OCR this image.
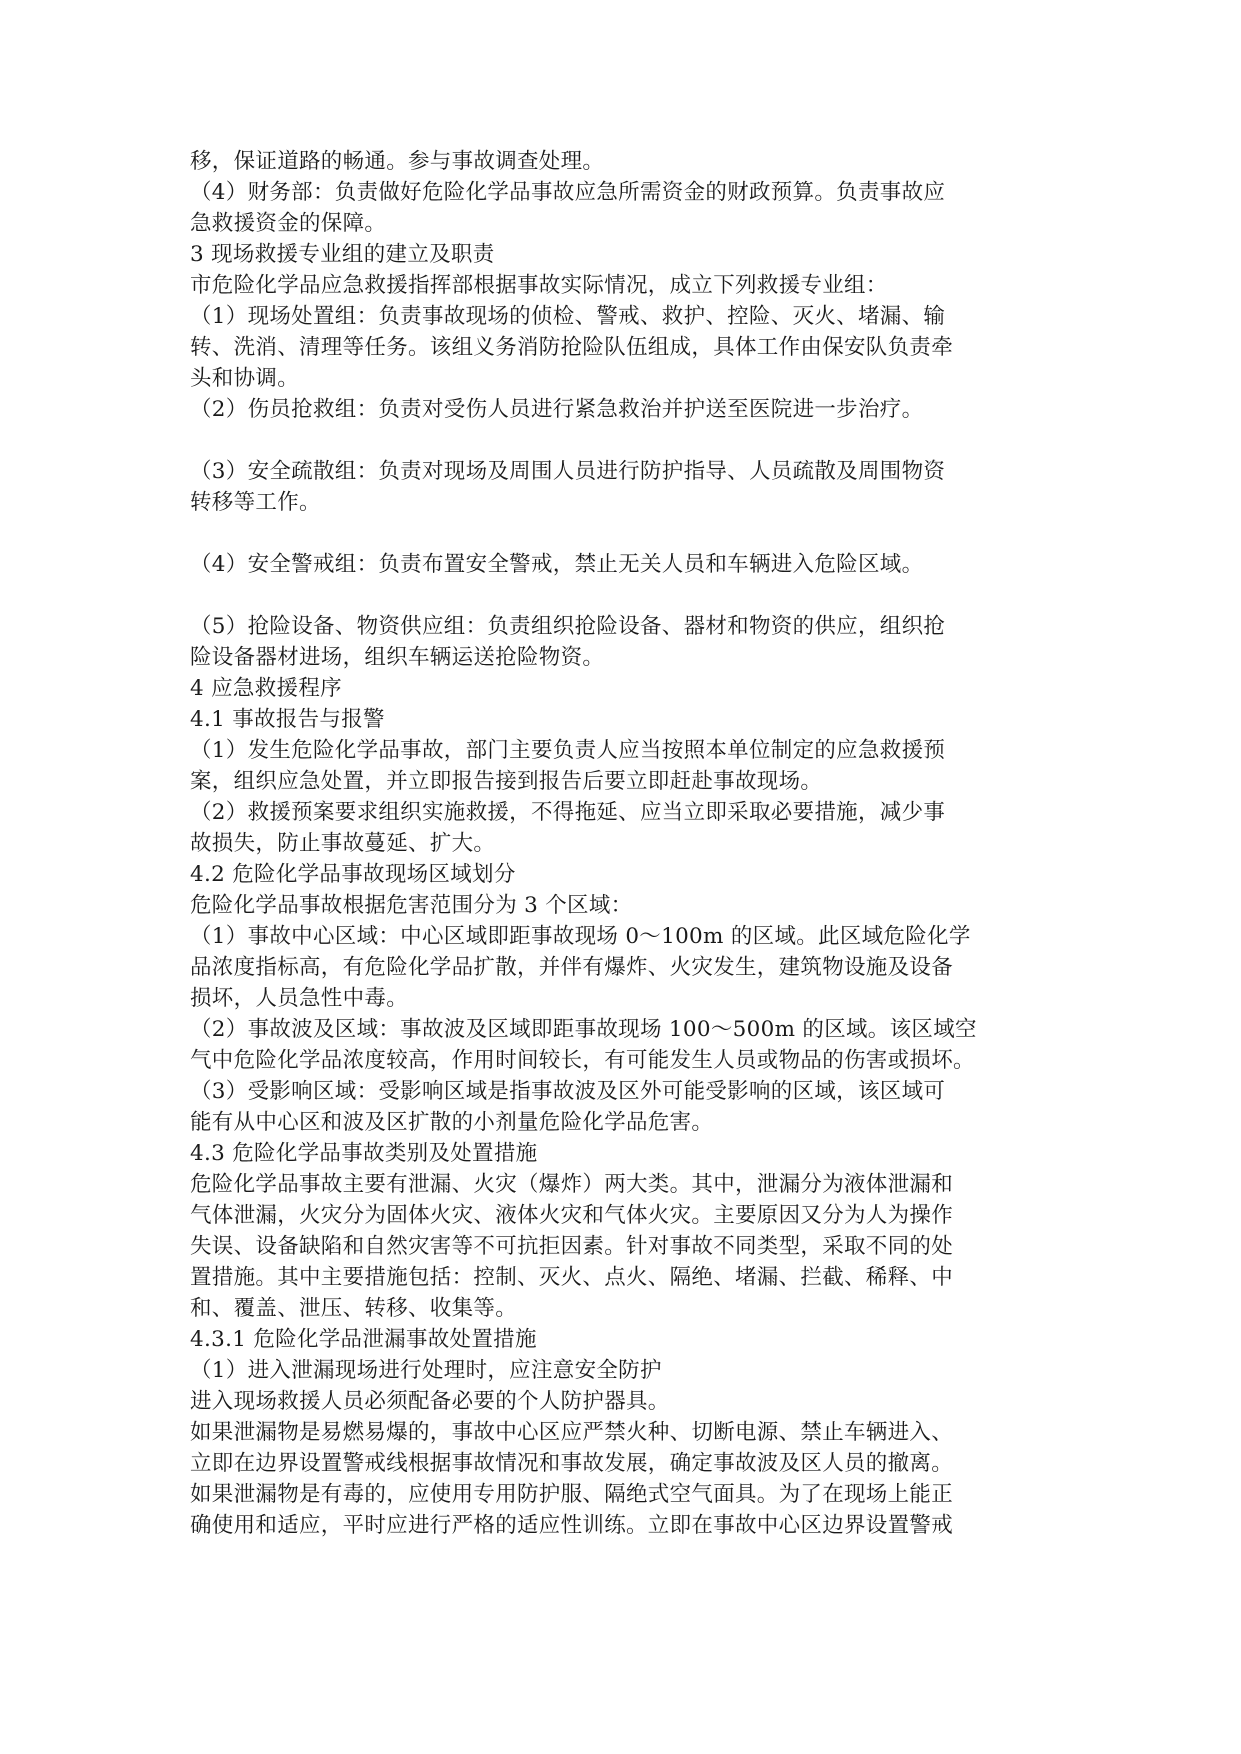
移，保证道路的畅通。参与事故调查处理。
（4）财务部：负责做好危险化学品事故应急所需资金的财政预算。负责事故应
急救援资金的保障。
3 现场救援专业组的建立及职责
市危险化学品应急救援指挥部根据事故实际情况，成立下列救援专业组：
（1）现场处置组：负责事故现场的侦检、警戒、救护、控险、灭火、堵漏、输
转、洗消、清理等任务。该组义务消防抢险队伍组成，具体工作由保安队负责牵
头和协调。
（2）伤员抢救组：负责对受伤人员进行紧急救治并护送至医院进一步治疗。
（3）安全疏散组：负责对现场及周围人员进行防护指导、人员疏散及周围物资
转移等工作。
（4）安全警戒组：负责布置安全警戒，禁止无关人员和车辆进入危险区域。
（5）抢险设备、物资供应组：负责组织抢险设备、器材和物资的供应，组织抢
险设备器材进场，组织车辆运送抢险物资。
4 应急救援程序
4.1 事故报告与报警
（1）发生危险化学品事故，部门主要负责人应当按照本单位制定的应急救援预
案，组织应急处置，并立即报告接到报告后要立即赶赴事故现场。
（2）救援预案要求组织实施救援，不得拖延、应当立即采取必要措施，减少事
故损失，防止事故蔓延、扩大。
4.2 危险化学品事故现场区域划分
危险化学品事故根据危害范围分为 3 个区域：
（1）事故中心区域：中心区域即距事故现场 0～100m 的区域。此区域危险化学
品浓度指标高，有危险化学品扩散，并伴有爆炸、火灾发生，建筑物设施及设备
损坏，人员急性中毒。
（2）事故波及区域：事故波及区域即距事故现场 100～500m 的区域。该区域空
气中危险化学品浓度较高，作用时间较长，有可能发生人员或物品的伤害或损坏。
（3）受影响区域：受影响区域是指事故波及区外可能受影响的区域，该区域可
能有从中心区和波及区扩散的小剂量危险化学品危害。
4.3 危险化学品事故类别及处置措施
危险化学品事故主要有泄漏、火灾（爆炸）两大类。其中，泄漏分为液体泄漏和
气体泄漏，火灾分为固体火灾、液体火灾和气体火灾。主要原因又分为人为操作
失误、设备缺陷和自然灾害等不可抗拒因素。针对事故不同类型，采取不同的处
置措施。其中主要措施包括：控制、灭火、点火、隔绝、堵漏、拦截、稀释、中
和、覆盖、泄压、转移、收集等。
4.3.1 危险化学品泄漏事故处置措施
（1）进入泄漏现场进行处理时，应注意安全防护
进入现场救援人员必须配备必要的个人防护器具。
如果泄漏物是易燃易爆的，事故中心区应严禁火种、切断电源、禁止车辆进入、
立即在边界设置警戒线根据事故情况和事故发展，确定事故波及区人员的撤离。
如果泄漏物是有毒的，应使用专用防护服、隔绝式空气面具。为了在现场上能正
确使用和适应，平时应进行严格的适应性训练。立即在事故中心区边界设置警戒
